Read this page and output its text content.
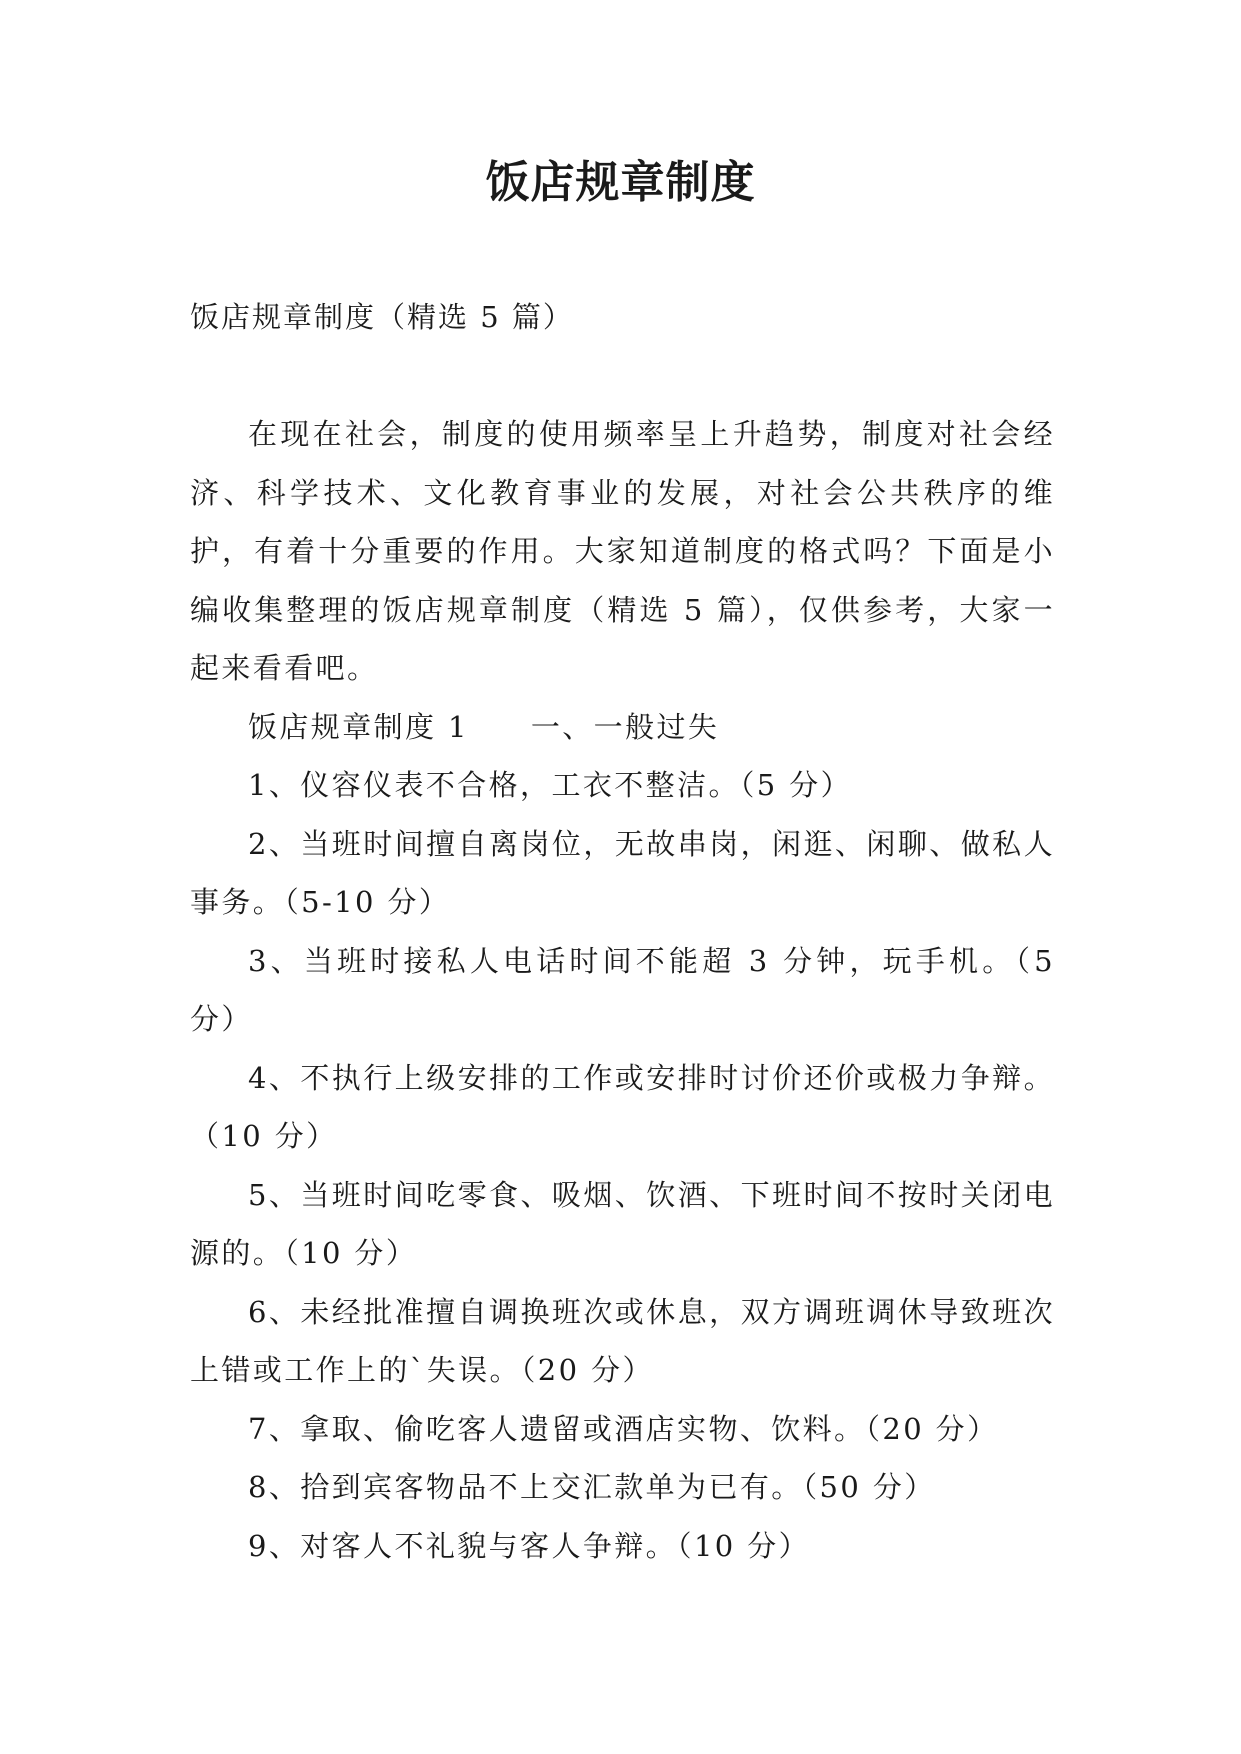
饭店规章制度

饭店规章制度（精选 5 篇）

在现在社会，制度的使用频率呈上升趋势，制度对社会经济、科学技术、文化教育事业的发展，对社会公共秩序的维护，有着十分重要的作用。大家知道制度的格式吗？下面是小编收集整理的饭店规章制度（精选 5 篇），仅供参考，大家一起来看看吧。

饭店规章制度 1 一、一般过失

1、仪容仪表不合格，工衣不整洁。（5 分）

2、当班时间擅自离岗位，无故串岗，闲逛、闲聊、做私人事务。（5-10 分）

3、当班时接私人电话时间不能超 3 分钟，玩手机。（5 分）

4、不执行上级安排的工作或安排时讨价还价或极力争辩。（10 分）

5、当班时间吃零食、吸烟、饮酒、下班时间不按时关闭电源的。（10 分）

6、未经批准擅自调换班次或休息，双方调班调休导致班次上错或工作上的`失误。（20 分）

7、拿取、偷吃客人遗留或酒店实物、饮料。（20 分）

8、拾到宾客物品不上交汇款单为已有。（50 分）

9、对客人不礼貌与客人争辩。（10 分）
